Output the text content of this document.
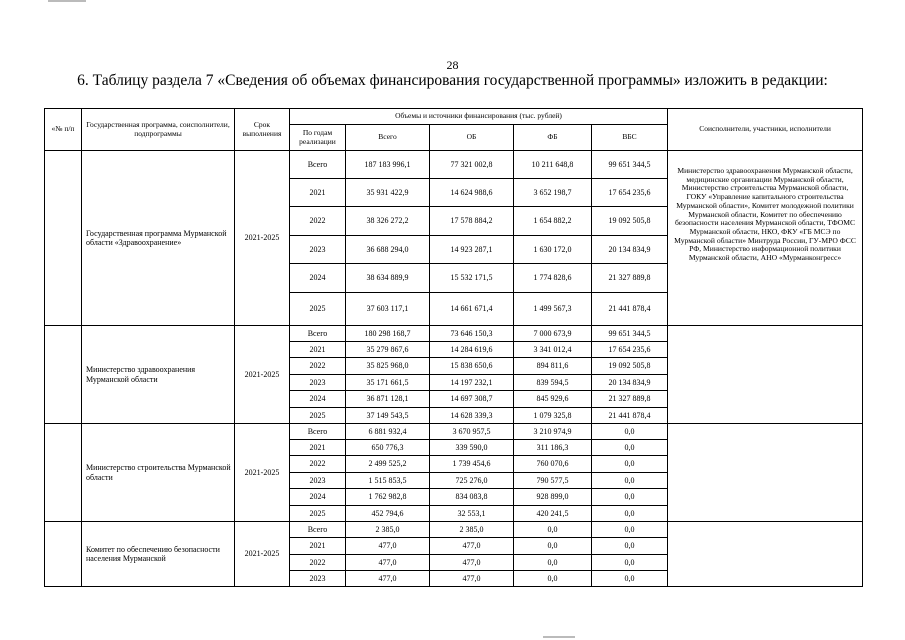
28
6. Таблицу раздела 7 «Сведения об объемах финансирования государственной программы» изложить в редакции:
«№ п/п	Государственная программа, соисполнители, подпрограммы	Срок выполнения	Объемы и источники финансирования (тыс. рублей)					Соисполнители, участники, исполнители
			По годам реализации	Всего	ОБ	ФБ	ВБС	
	Государственная программа Мурманской области «Здравоохранение»	2021-2025	Всего	187 183 996,1	77 321 002,8	10 211 648,8	99 651 344,5	Министерство здравоохранения Мурманской области, медицинские организации Мурманской области, Министерство строительства Мурманской области, ГОКУ «Управление капитального строительства Мурманской области», Комитет молодежной политики Мурманской области, Комитет по обеспечению безопасности населения Мурманской области, ТФОМС Мурманской области, НКО, ФКУ «ГБ МСЭ по Мурманской области» Минтруда России, ГУ-МРО ФСС РФ, Министерство информационной политики Мурманской области, АНО «Мурманконгресс»
			2021	35 931 422,9	14 624 988,6	3 652 198,7	17 654 235,6	
			2022	38 326 272,2	17 578 884,2	1 654 882,2	19 092 505,8	
			2023	36 688 294,0	14 923 287,1	1 630 172,0	20 134 834,9	
			2024	38 634 889,9	15 532 171,5	1 774 828,6	21 327 889,8	
			2025	37 603 117,1	14 661 671,4	1 499 567,3	21 441 878,4	
	Министерство здравоохранения Мурманской области	2021-2025	Всего	180 298 168,7	73 646 150,3	7 000 673,9	99 651 344,5	
			2021	35 279 867,6	14 284 619,6	3 341 012,4	17 654 235,6	
			2022	35 825 968,0	15 838 650,6	894 811,6	19 092 505,8	
			2023	35 171 661,5	14 197 232,1	839 594,5	20 134 834,9	
			2024	36 871 128,1	14 697 308,7	845 929,6	21 327 889,8	
			2025	37 149 543,5	14 628 339,3	1 079 325,8	21 441 878,4	
	Министерство строительства Мурманской области	2021-2025	Всего	6 881 932,4	3 670 957,5	3 210 974,9	0,0	
			2021	650 776,3	339 590,0	311 186,3	0,0	
			2022	2 499 525,2	1 739 454,6	760 070,6	0,0	
			2023	1 515 853,5	725 276,0	790 577,5	0,0	
			2024	1 762 982,8	834 083,8	928 899,0	0,0	
			2025	452 794,6	32 553,1	420 241,5	0,0	
	Комитет по обеспечению безопасности населения Мурманской	2021-2025	Всего	2 385,0	2 385,0	0,0	0,0	
			2021	477,0	477,0	0,0	0,0	
			2022	477,0	477,0	0,0	0,0	
			2023	477,0	477,0	0,0	0,0	
